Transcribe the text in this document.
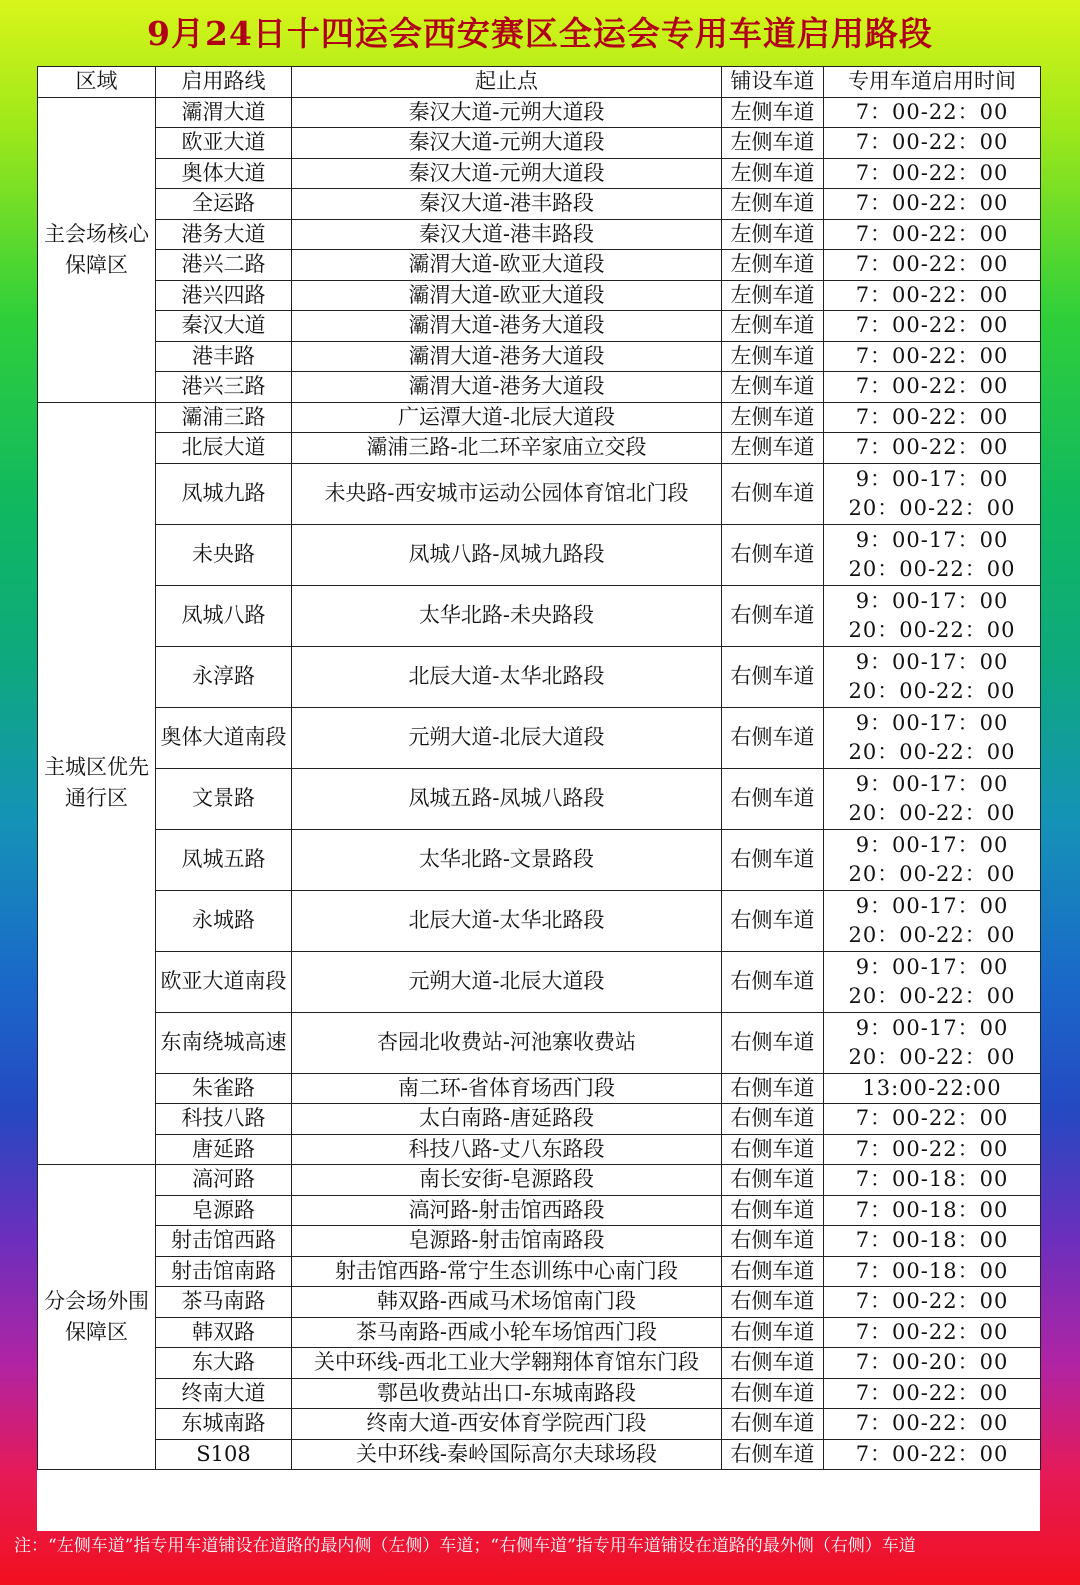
9月24日十四运会西安赛区全运会专用车道启用路段
区域	启用路线	起止点	铺设车道	专用车道启用时间
主会场核心保障区	灞渭大道	秦汉大道-元朔大道段	左侧车道	7：00-22：00

	欧亚大道	秦汉大道-元朔大道段	左侧车道	7：00-22：00

	奥体大道	秦汉大道-元朔大道段	左侧车道	7：00-22：00

	全运路	秦汉大道-港丰路段	左侧车道	7：00-22：00

	港务大道	秦汉大道-港丰路段	左侧车道	7：00-22：00

	港兴二路	灞渭大道-欧亚大道段	左侧车道	7：00-22：00

	港兴四路	灞渭大道-欧亚大道段	左侧车道	7：00-22：00

	秦汉大道	灞渭大道-港务大道段	左侧车道	7：00-22：00

	港丰路	灞渭大道-港务大道段	左侧车道	7：00-22：00

	港兴三路	灞渭大道-港务大道段	左侧车道	7：00-22：00

主城区优先通行区	灞浦三路	广运潭大道-北辰大道段	左侧车道	7：00-22：00

	北辰大道	灞浦三路-北二环辛家庙立交段	左侧车道	7：00-22：00

	凤城九路	未央路-西安城市运动公园体育馆北门段	右侧车道	9：00-17：00
20：00-22：00

	未央路	凤城八路-凤城九路段	右侧车道	9：00-17：00
20：00-22：00

	凤城八路	太华北路-未央路段	右侧车道	9：00-17：00
20：00-22：00

	永淳路	北辰大道-太华北路段	右侧车道	9：00-17：00
20：00-22：00

	奥体大道南段	元朔大道-北辰大道段	右侧车道	9：00-17：00
20：00-22：00

	文景路	凤城五路-凤城八路段	右侧车道	9：00-17：00
20：00-22：00

	凤城五路	太华北路-文景路段	右侧车道	9：00-17：00
20：00-22：00

	永城路	北辰大道-太华北路段	右侧车道	9：00-17：00
20：00-22：00

	欧亚大道南段	元朔大道-北辰大道段	右侧车道	9：00-17：00
20：00-22：00

	东南绕城高速	杏园北收费站-河池寨收费站	右侧车道	9：00-17：00
20：00-22：00

	朱雀路	南二环-省体育场西门段	右侧车道	13:00-22:00

	科技八路	太白南路-唐延路段	右侧车道	7：00-22：00

	唐延路	科技八路-丈八东路段	右侧车道	7：00-22：00

分会场外围保障区	滈河路	南长安街-皂源路段	右侧车道	7：00-18：00

	皂源路	滈河路-射击馆西路段	右侧车道	7：00-18：00

	射击馆西路	皂源路-射击馆南路段	右侧车道	7：00-18：00

	射击馆南路	射击馆西路-常宁生态训练中心南门段	右侧车道	7：00-18：00

	茶马南路	韩双路-西咸马术场馆南门段	右侧车道	7：00-22：00

	韩双路	茶马南路-西咸小轮车场馆西门段	右侧车道	7：00-22：00

	东大路	关中环线-西北工业大学翱翔体育馆东门段	右侧车道	7：00-20：00

	终南大道	鄠邑收费站出口-东城南路段	右侧车道	7：00-22：00

	东城南路	终南大道-西安体育学院西门段	右侧车道	7：00-22：00

	S108	关中环线-秦岭国际高尔夫球场段	右侧车道	7：00-22：00
注：“左侧车道”指专用车道铺设在道路的最内侧（左侧）车道；“右侧车道”指专用车道铺设在道路的最外侧（右侧）车道
